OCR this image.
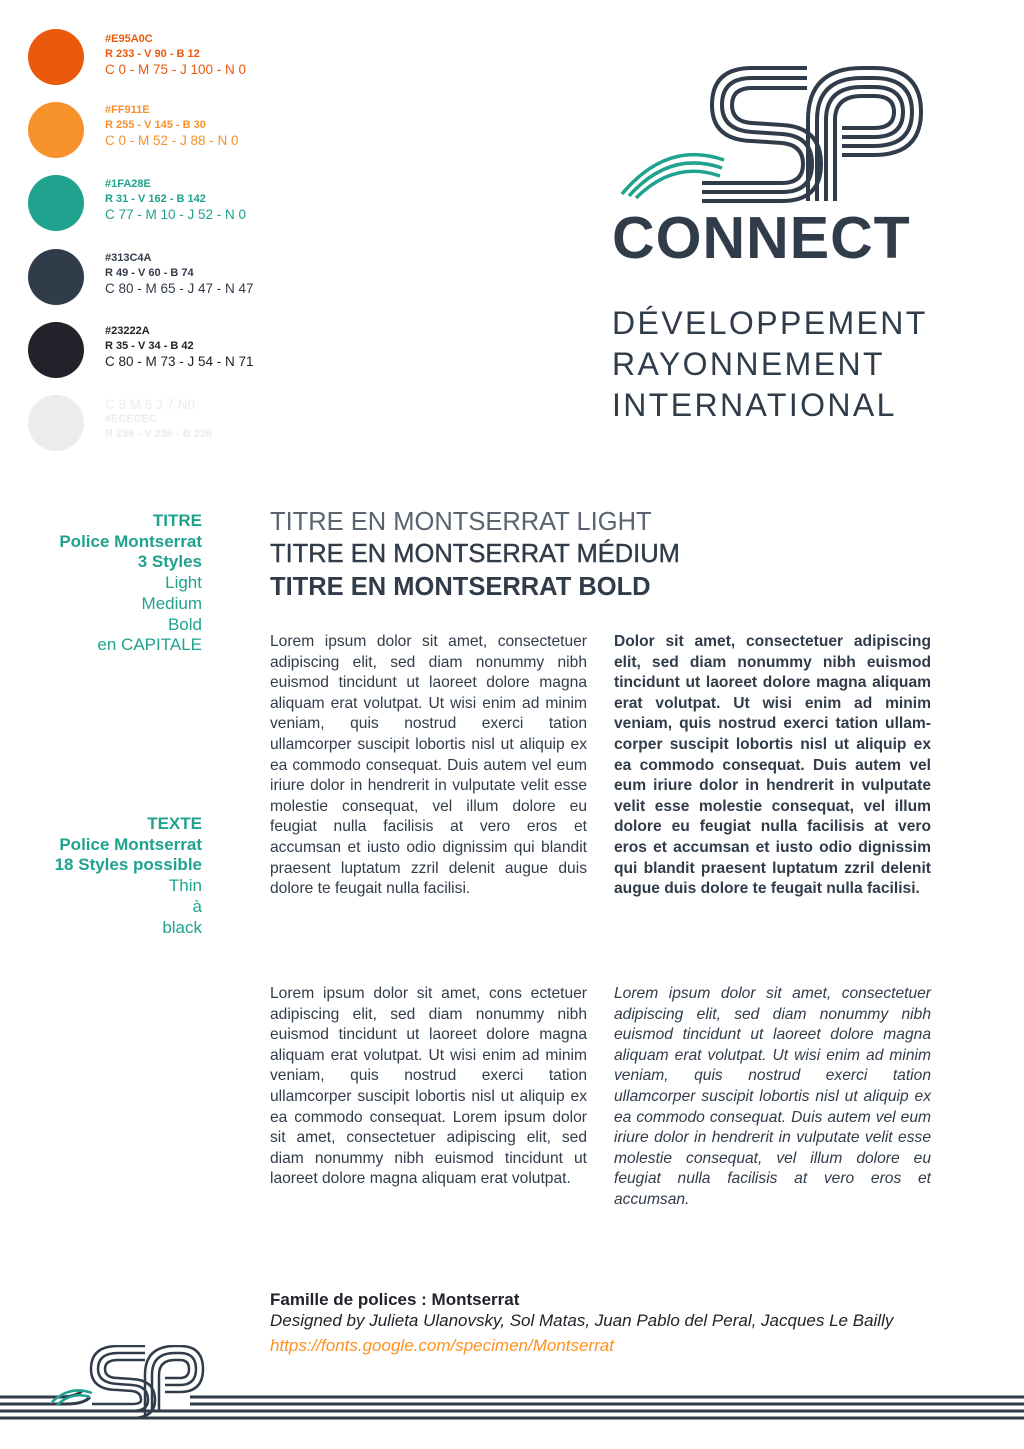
#E95A0C
R 233 - V 90 - B 12
C 0 - M 75 - J 100 - N 0
#FF911E
R 255 - V 145 - B 30
C 0 - M 52 - J 88 - N 0
#1FA28E
R 31 - V 162 - B 142
C 77 - M 10 - J 52 - N 0
#313C4A
R 49 - V 60 - B 74
C 80 - M 65 - J 47 - N 47
#23222A
R 35 - V 34 - B 42
C 80 - M 73 - J 54 - N 71
C 9 M 6 J 7 N0
#ECECEC
R 236 - V 236 - B 236
CONNECT
DÉVELOPPEMENT
RAYONNEMENT
INTERNATIONAL
TITRE
Police Montserrat
3 Styles
Light
Medium
Bold
en CAPITALE
TEXTE
Police Montserrat
18 Styles possible
Thin
à
black
TITRE EN MONTSERRAT LIGHT
TITRE EN MONTSERRAT MÉDIUM
TITRE EN MONTSERRAT BOLD

Lorem ipsum dolor sit amet, consectetuer adipiscing elit, sed diam nonummy nibh euismod tincidunt ut laoreet dolore magna aliquam erat volutpat. Ut wisi enim ad minim veniam, quis nostrud exerci tation ullamcorper suscipit lobortis nisl ut aliquip ex ea commodo consequat. Duis autem vel eum iriure dolor in hendrerit in vulputate velit esse molestie consequat, vel illum dolore eu feugiat nulla facilisis at vero eros et accumsan et iusto odio dignissim qui blandit praesent luptatum zzril delenit augue duis dolore te feugait nulla facilisi.

Lorem ipsum dolor sit amet, cons ectetuer adipiscing elit, sed diam nonummy nibh euismod tincidunt ut laoreet dolore magna aliquam erat volutpat. Ut wisi enim ad minim veniam, quis nostrud exerci tation ullamcorper suscipit lobortis nisl ut aliquip ex ea commodo consequat. Lorem ipsum dolor sit amet, consectetuer adipiscing elit, sed diam nonummy nibh euismod tincidunt ut laoreet dolore magna aliquam erat volutpat.

Dolor sit amet, consectetuer adipiscing elit, sed diam nonummy nibh euismod tincidunt ut laoreet dolore magna aliquam erat volutpat. Ut wisi enim ad minim veniam, quis nostrud exerci tation ullamcorper suscipit lobortis nisl ut aliquip ex ea commodo consequat. Duis autem vel eum iriure dolor in hendrerit in vulputate velit esse molestie consequat, vel illum dolore eu feugiat nulla facilisis at vero eros et accumsan et iusto odio dignissim qui blandit praesent luptatum zzril delenit augue duis dolore te feugait nulla facilisi.

Lorem ipsum dolor sit amet, consectetuer adipiscing elit, sed diam nonummy nibh euismod tincidunt ut laoreet dolore magna aliquam erat volutpat. Ut wisi enim ad minim veniam, quis nostrud exerci tation ullamcorper suscipit lobortis nisl ut aliquip ex ea commodo consequat. Duis autem vel eum iriure dolor in hendrerit in vulputate velit esse molestie consequat, vel illum dolore eu feugiat nulla facilisis at vero eros et accumsan.

Famille de polices : Montserrat
Designed by Julieta Ulanovsky, Sol Matas, Juan Pablo del Peral, Jacques Le Bailly
https://fonts.google.com/specimen/Montserrat
